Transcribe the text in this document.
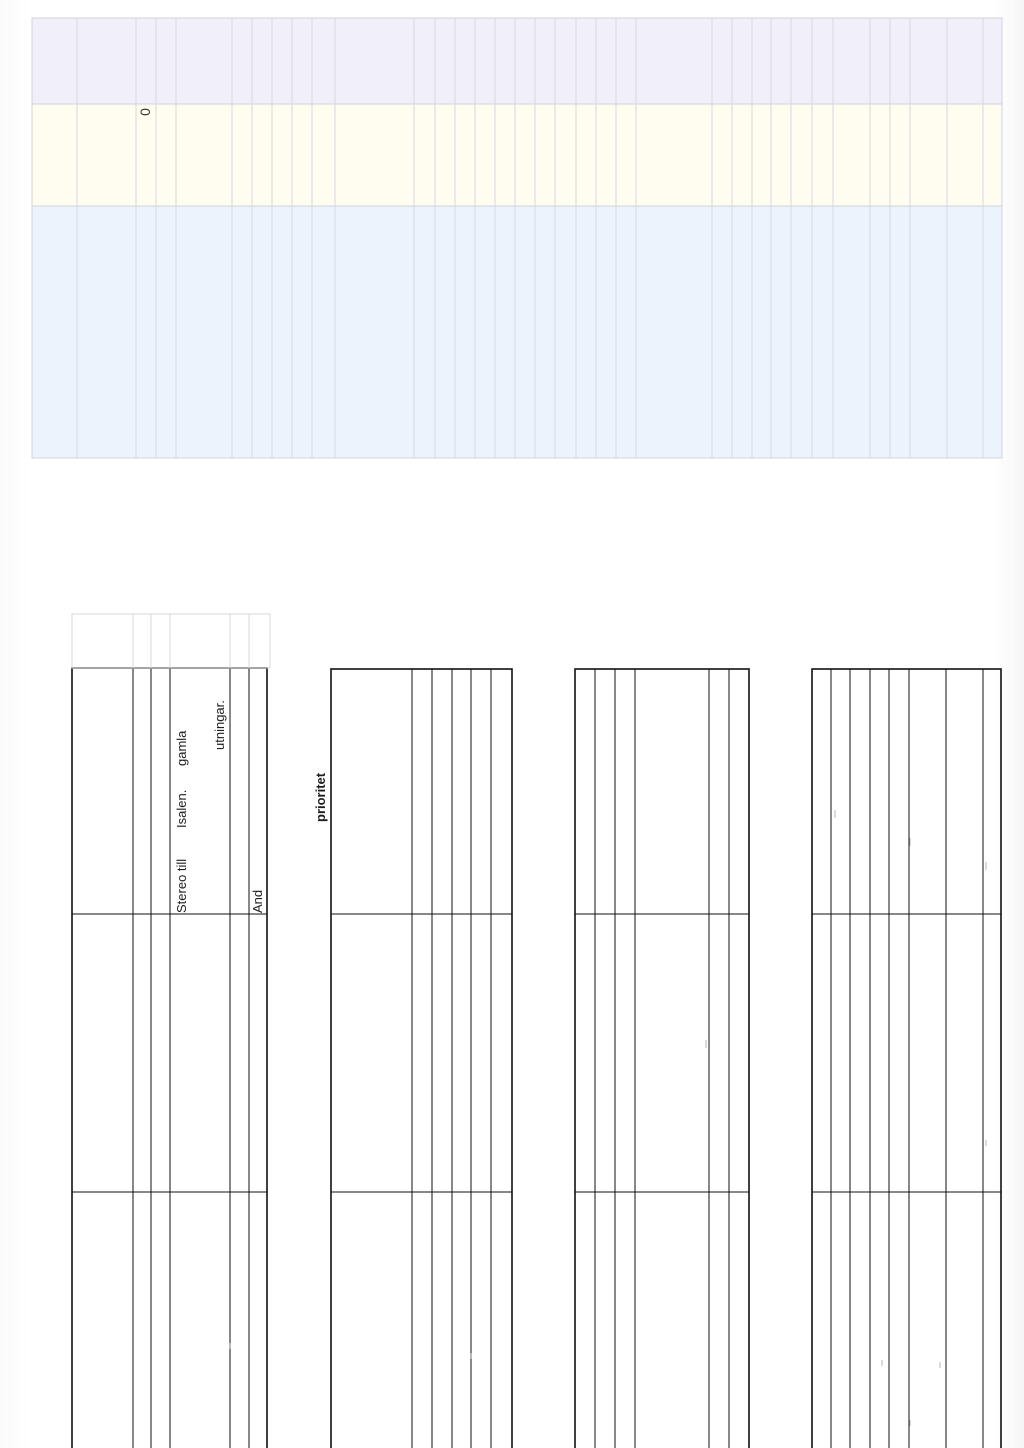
0
Stereo till
Isalen.
gamla utningar.
And
prioritet
